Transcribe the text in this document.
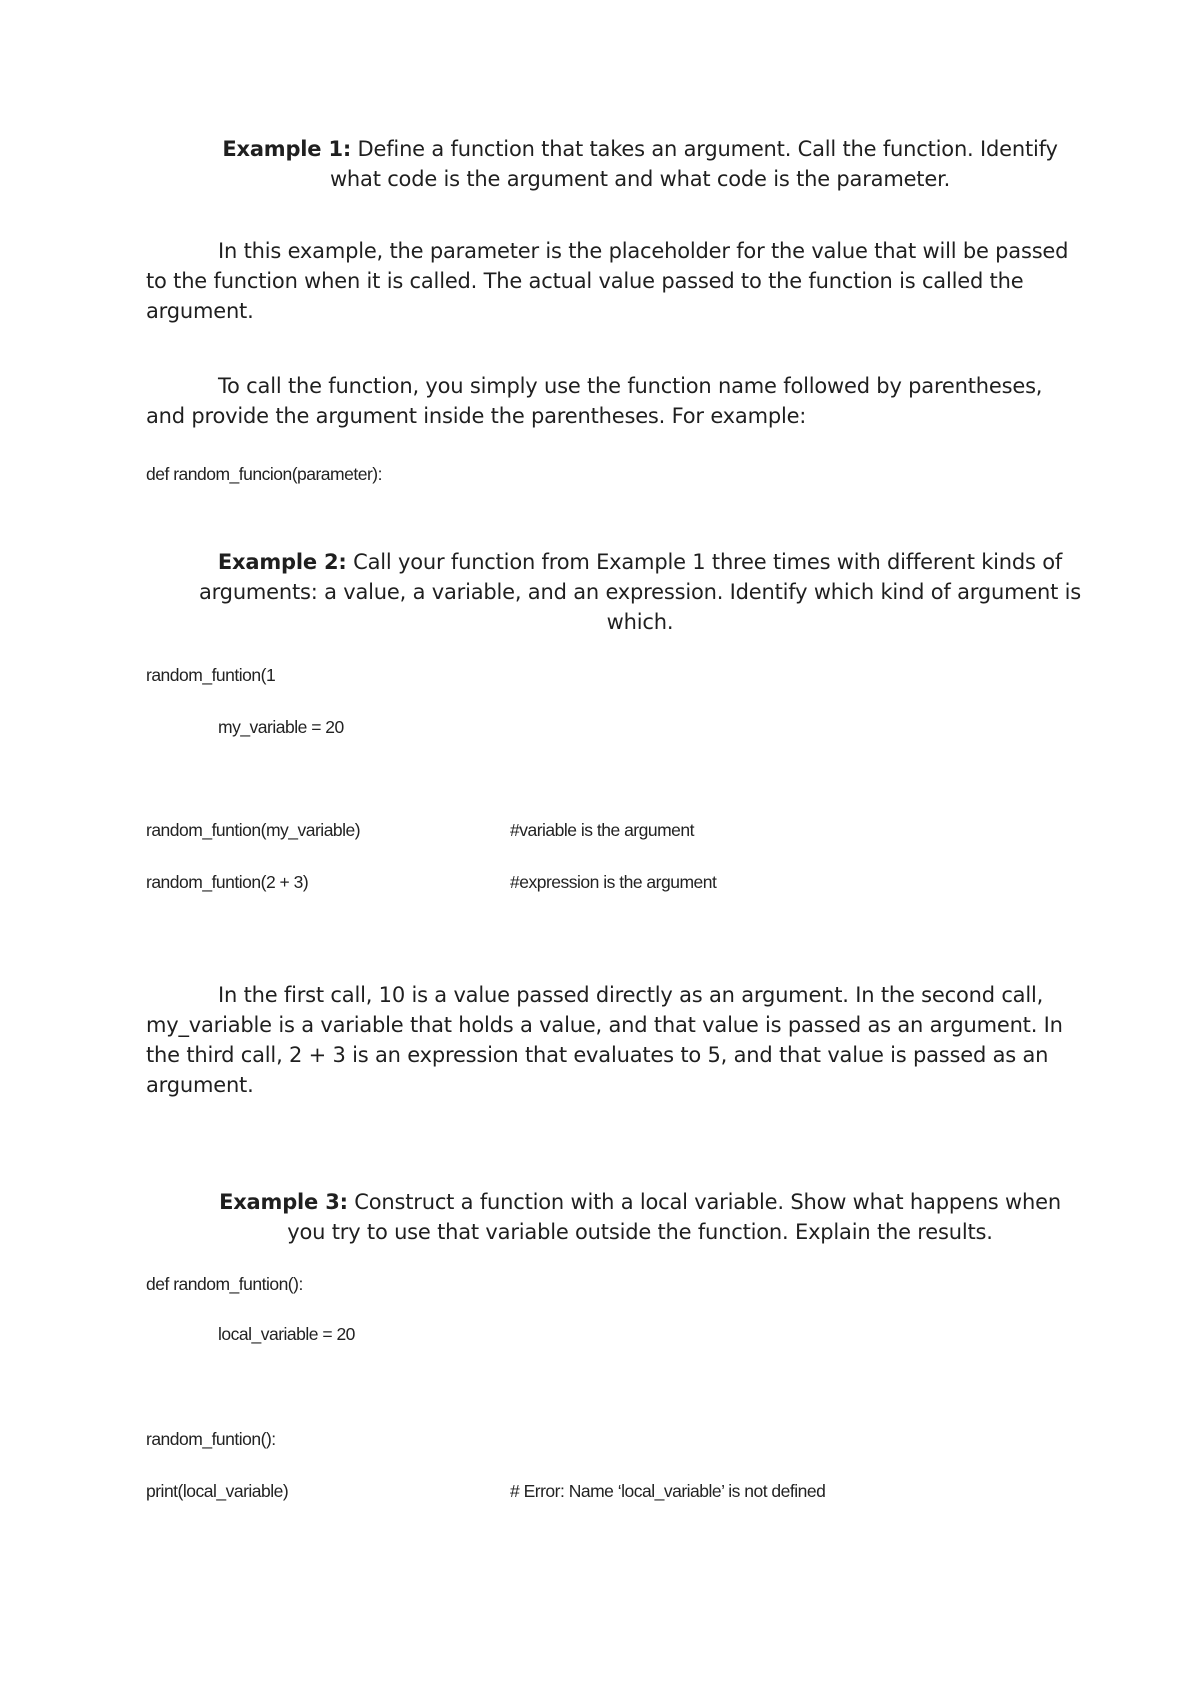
Example 1: Define a function that takes an argument. Call the function. Identify what code is the argument and what code is the parameter.

In this example, the parameter is the placeholder for the value that will be passed to the function when it is called. The actual value passed to the function is called the argument.

To call the function, you simply use the function name followed by parentheses, and provide the argument inside the parentheses. For example:

def random_funcion(parameter):

Example 2: Call your function from Example 1 three times with different kinds of arguments: a value, a variable, and an expression. Identify which kind of argument is which.

random_funtion(1
my_variable = 20
random_funtion(my_variable)	#variable is the argument
random_funtion(2 + 3)	#expression is the argument

In the first call, 10 is a value passed directly as an argument. In the second call, my_variable is a variable that holds a value, and that value is passed as an argument. In the third call, 2 + 3 is an expression that evaluates to 5, and that value is passed as an argument.

Example 3: Construct a function with a local variable. Show what happens when you try to use that variable outside the function. Explain the results.

def random_funtion():
local_variable = 20
random_funtion():
print(local_variable)	# Error: Name ‘local_variable’ is not defined
